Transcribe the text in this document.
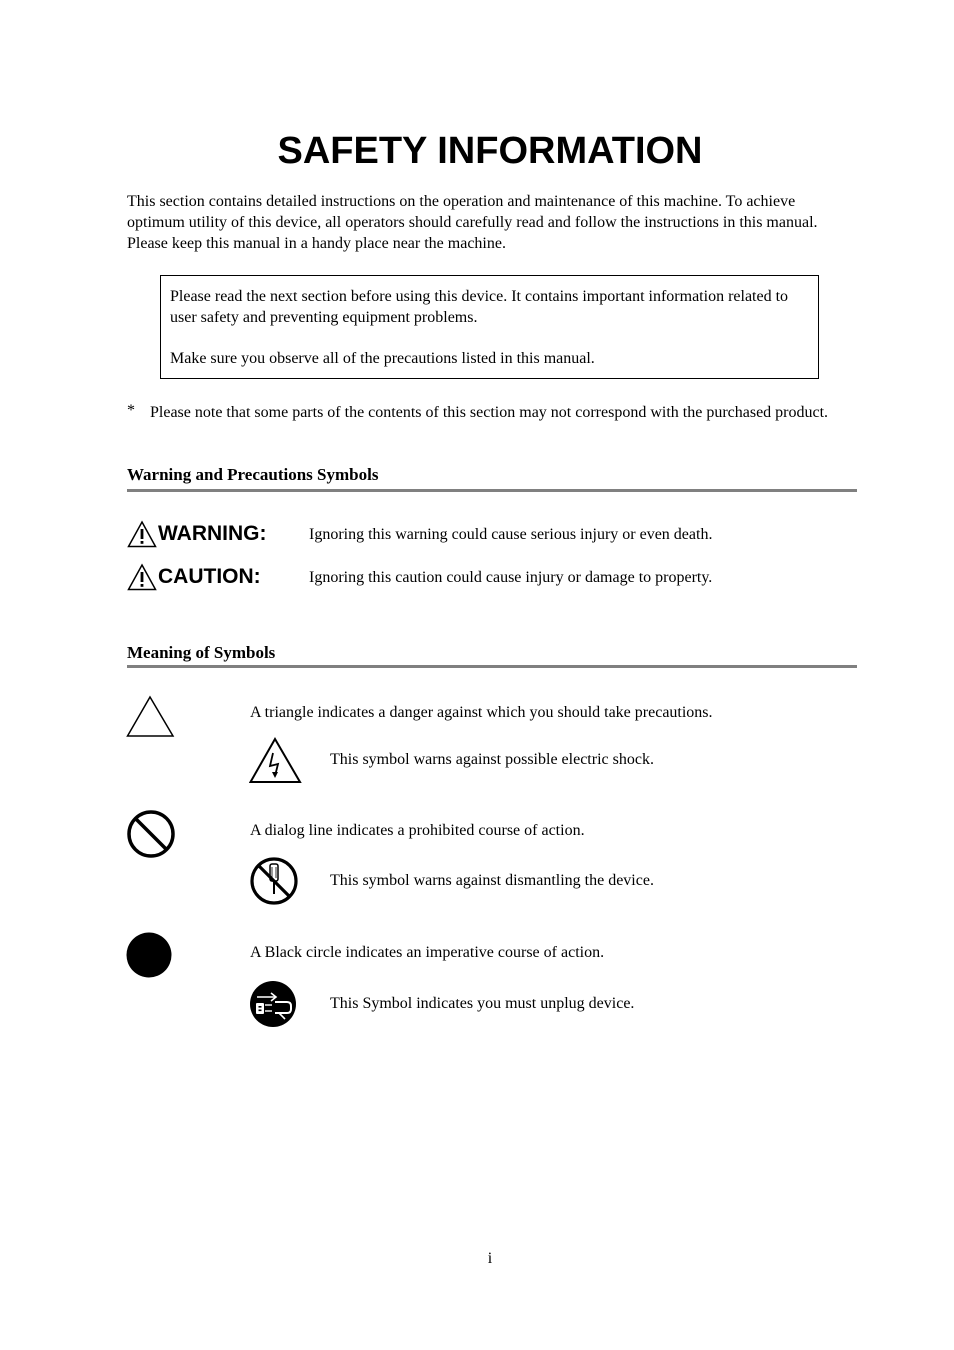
SAFETY INFORMATION
This section contains detailed instructions on the operation and maintenance of this machine. To achieve optimum utility of this device, all operators should carefully read and follow the instructions in this manual. Please keep this manual in a handy place near the machine.

Please read the next section before using this device. It contains important information related to user safety and preventing equipment problems.

Make sure you observe all of the precautions listed in this manual.

* Please note that some parts of the contents of this section may not correspond with the purchased product.
Warning and Precautions Symbols
WARNING:	Ignoring this warning could cause serious injury or even death.
CAUTION:	Ignoring this caution could cause injury or damage to property.
Meaning of Symbols
A triangle indicates a danger against which you should take precautions.
This symbol warns against possible electric shock.
A dialog line indicates a prohibited course of action.
This symbol warns against dismantling the device.
A Black circle indicates an imperative course of action.
This Symbol indicates you must unplug device.
i
